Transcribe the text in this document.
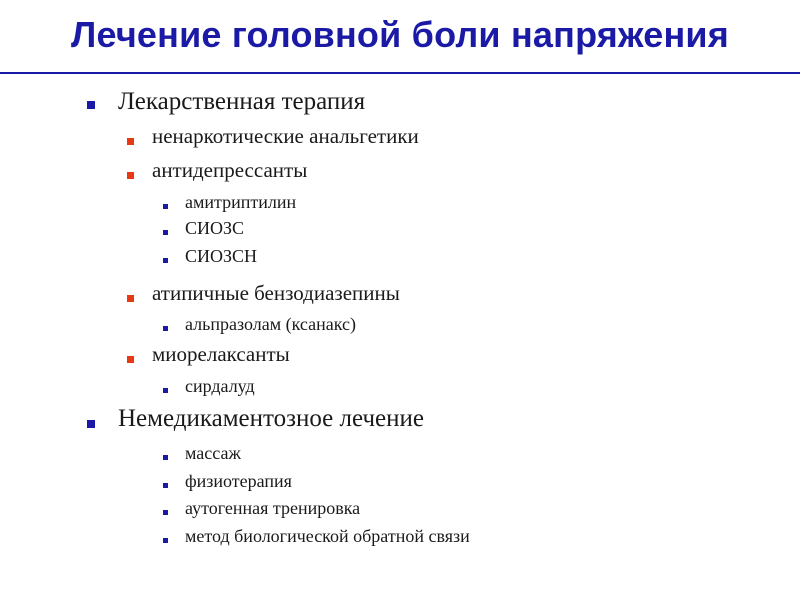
Лечение головной боли напряжения
Лекарственная терапия
ненаркотические анальгетики
антидепрессанты
амитриптилин
СИОЗС
СИОЗСН
атипичные бензодиазепины
альпразолам (ксанакс)
миорелаксанты
сирдалуд
Немедикаментозное лечение
массаж
физиотерапия
аутогенная тренировка
метод биологической обратной связи
